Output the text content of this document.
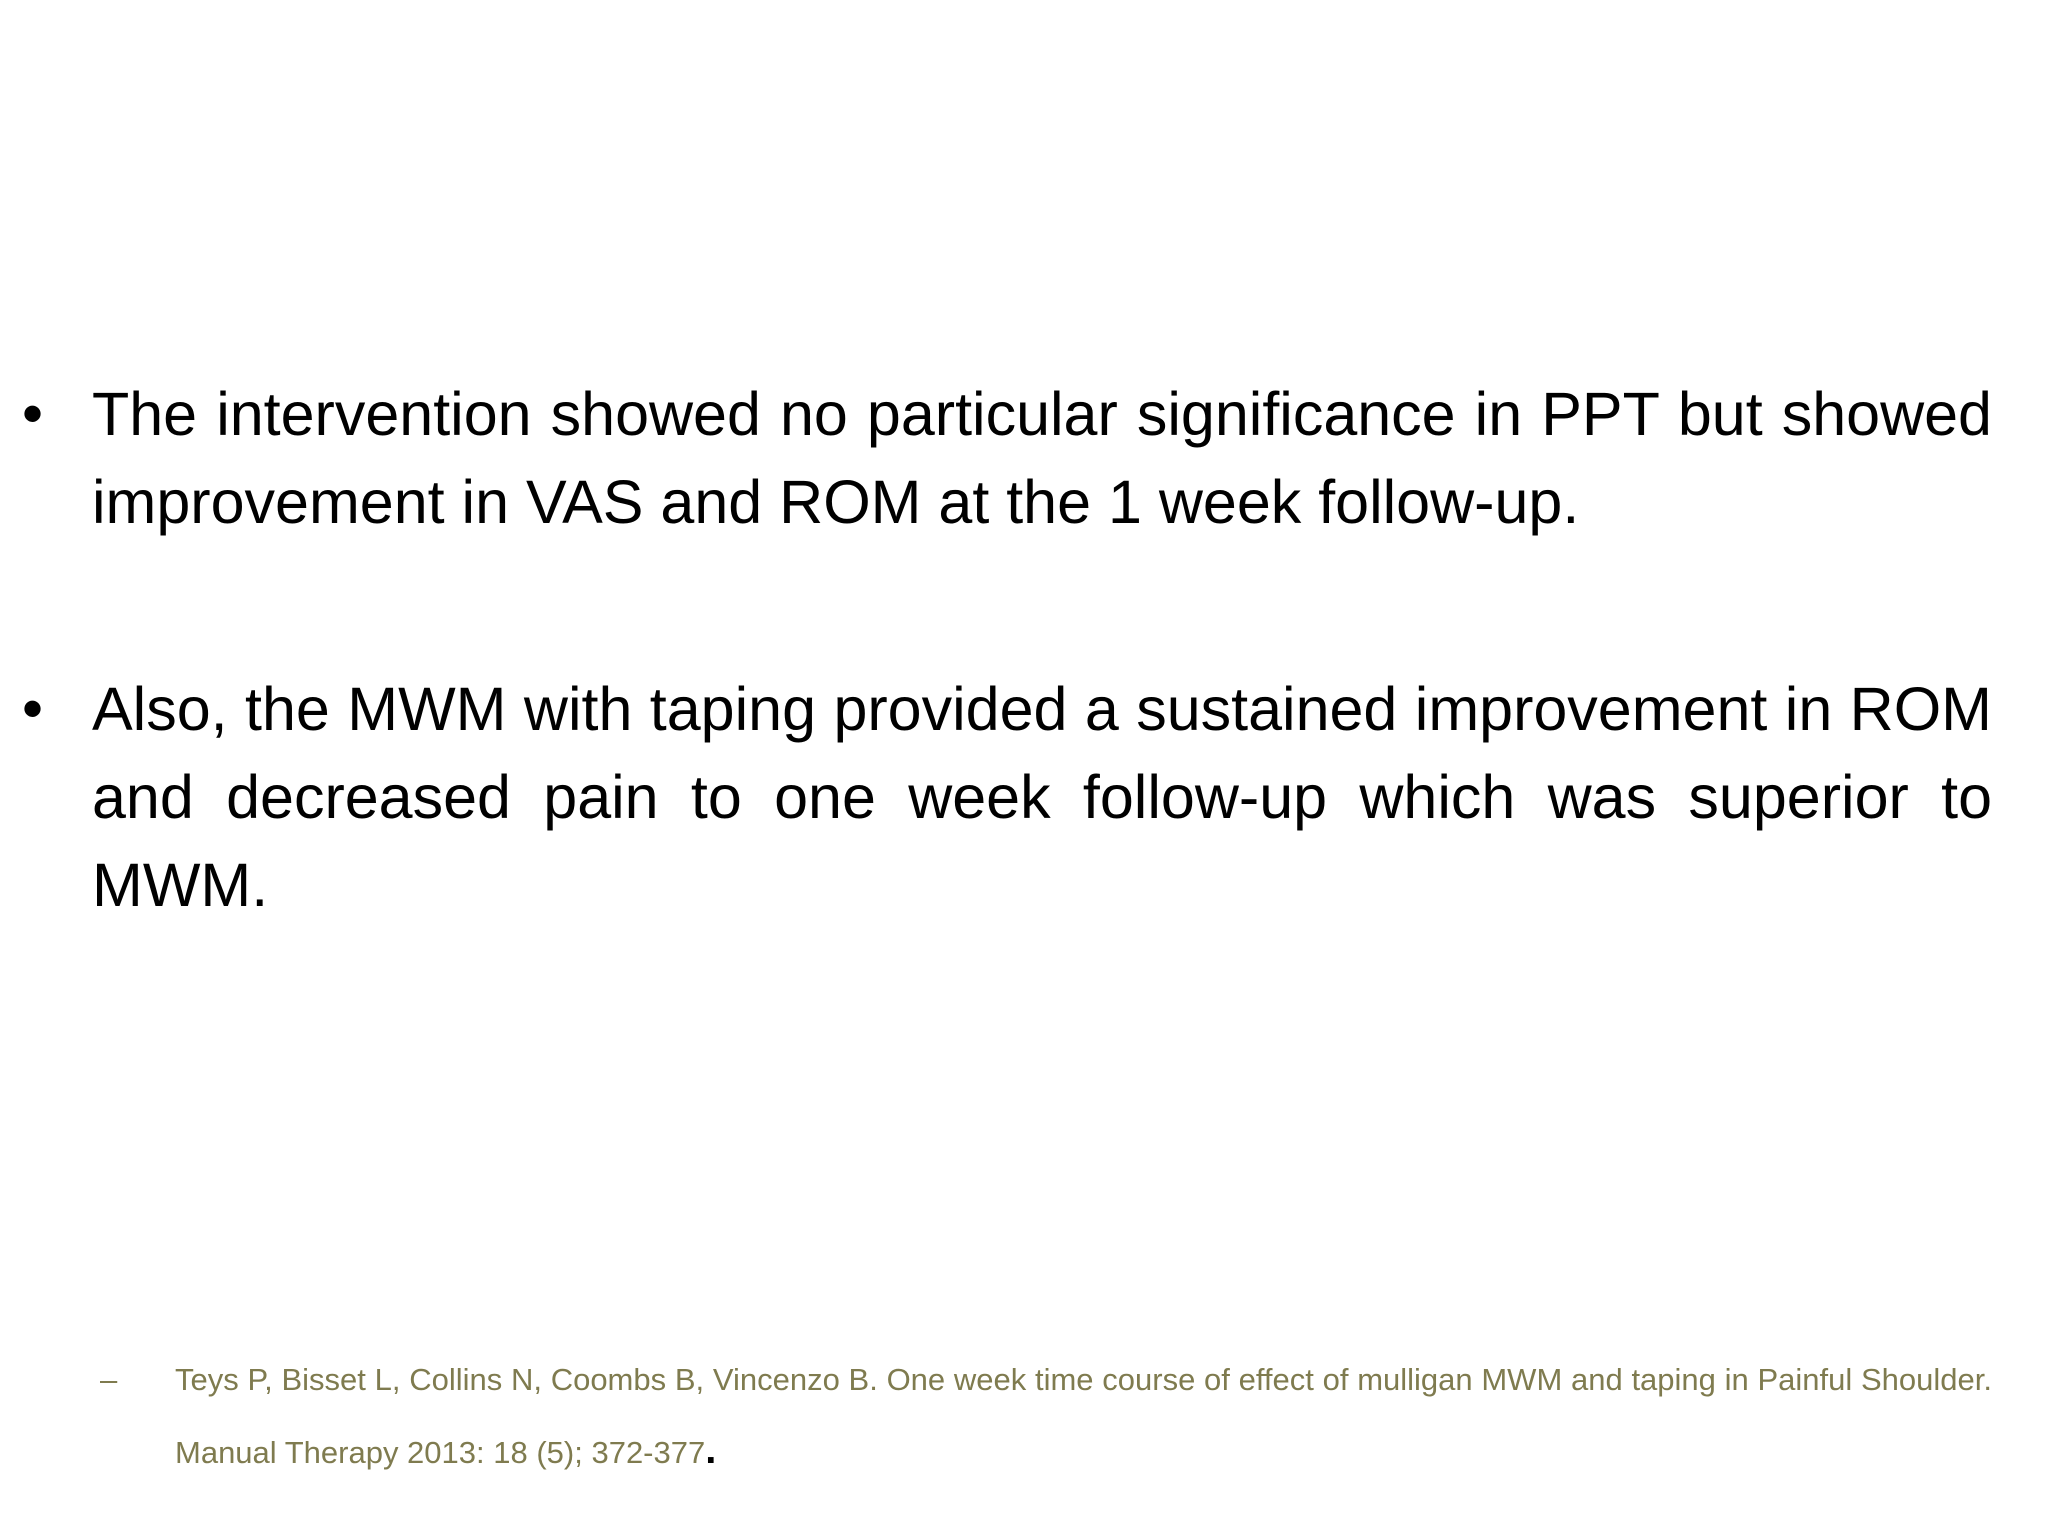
• The intervention showed no particular significance in PPT but showed improvement in VAS and ROM at the 1 week follow-up.
• Also, the MWM with taping provided a sustained improvement in ROM and decreased pain to one week follow-up which was superior to MWM.
– Teys P, Bisset L, Collins N, Coombs B, Vincenzo B. One week time course of effect of mulligan MWM and taping in Painful Shoulder. Manual Therapy 2013: 18 (5); 372-377.
